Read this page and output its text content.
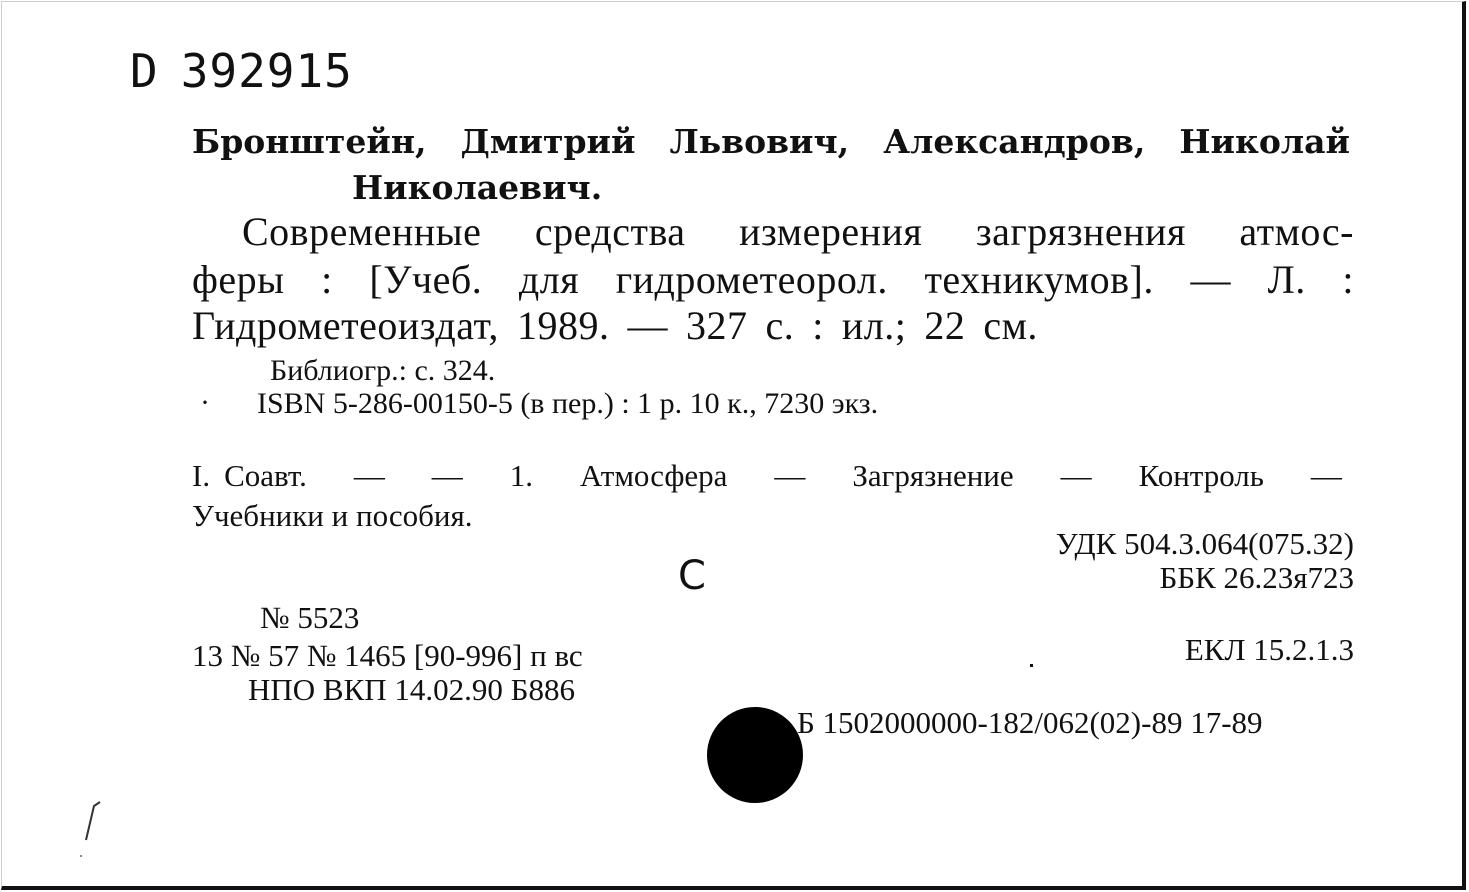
D 392915
Бронштейн, Дмитрий Львович, Александров, Николай
Николаевич.
Современные средства измерения загрязнения атмос-
феры : [Учеб. для гидрометеорол. техникумов]. — Л. :
Гидрометеоиздат, 1989. — 327 с. : ил.; 22 см.
Библиогр.: с. 324.
· ISBN 5-286-00150-5 (в пер.) : 1 р. 10 к., 7230 экз.
I. Соавт. — — 1. Атмосфера — Загрязнение — Контроль —
Учебники и пособия.
УДК 504.3.064(075.32)
ББК 26.23я723
С
№ 5523
13 № 57 № 1465 [90-996] п вс
НПО ВКП 14.02.90 Б886
ЕКЛ 15.2.1.3
Б 1502000000-182/062(02)-89 17-89
